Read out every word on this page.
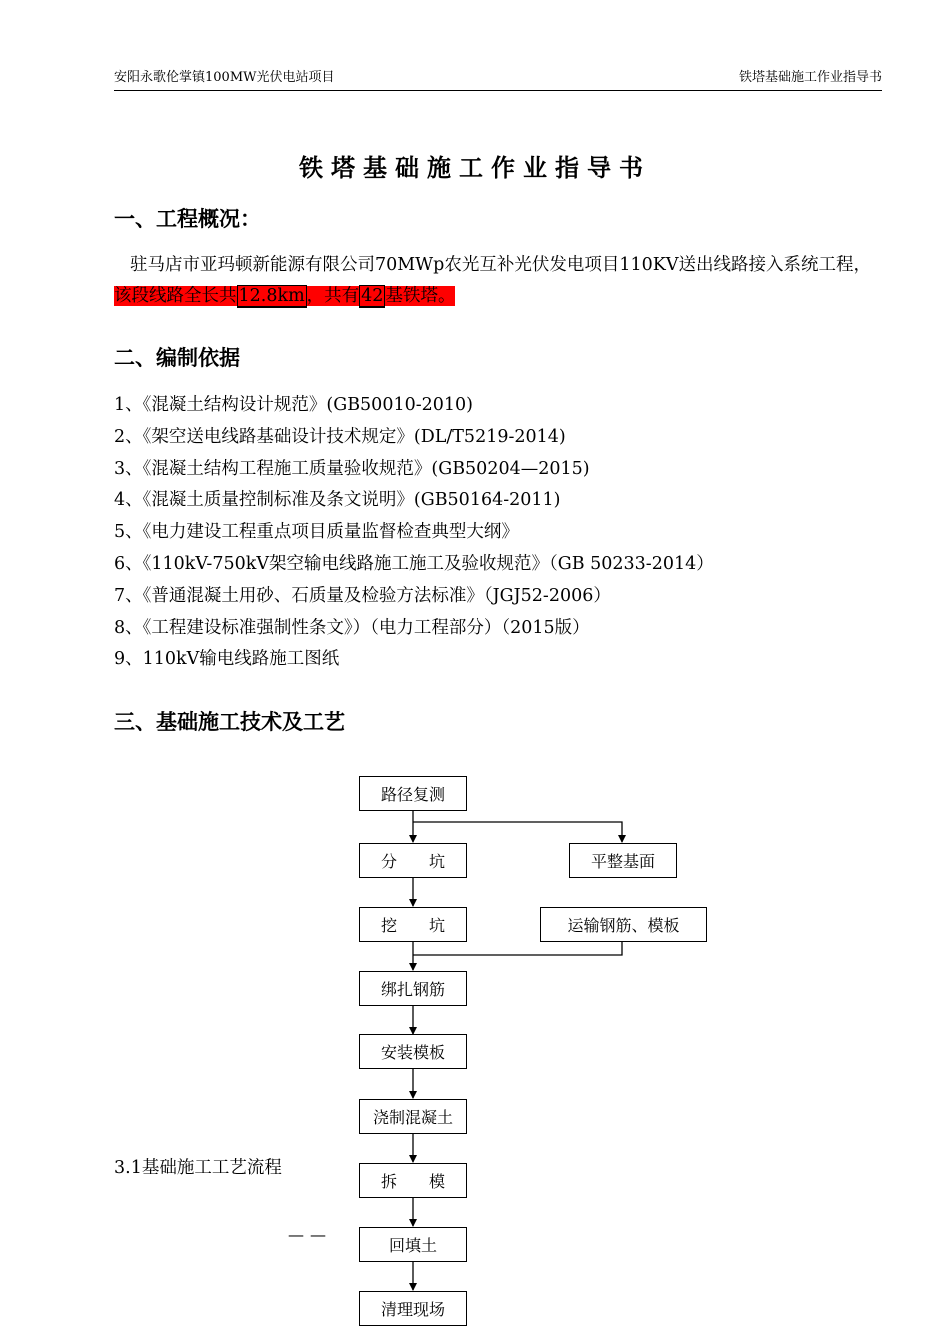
安阳永歌伦掌镇100MW光伏电站项目	铁塔基础施工作业指导书
铁塔基础施工作业指导书
一、工程概况：
驻马店市亚玛顿新能源有限公司70MWp农光互补光伏发电项目110KV送出线路接入系统工程，该段线路全长共 12.8km ，共有 42 基铁塔。
二、编制依据
1、《混凝土结构设计规范》(GB50010-2010)
2、《架空送电线路基础设计技术规定》(DL/T5219-2014)
3、《混凝土结构工程施工质量验收规范》(GB50204—2015)
4、《混凝土质量控制标准及条文说明》(GB50164-2011)
5、《电力建设工程重点项目质量监督检查典型大纲》
6、《110kV-750kV架空输电线路施工施工及验收规范》（GB 50233-2014）
7、《普通混凝土用砂、石质量及检验方法标准》（JGJ52-2006）
8、《工程建设标准强制性条文》）（电力工程部分）（2015版）
9、110kV输电线路施工图纸
三、基础施工技术及工艺
路径复测
分　　坑	平整基面
挖　　坑	运输钢筋、模板
绑扎钢筋
安装模板
浇制混凝土
拆　　模
回填土
清理现场
3.1基础施工工艺流程
——
